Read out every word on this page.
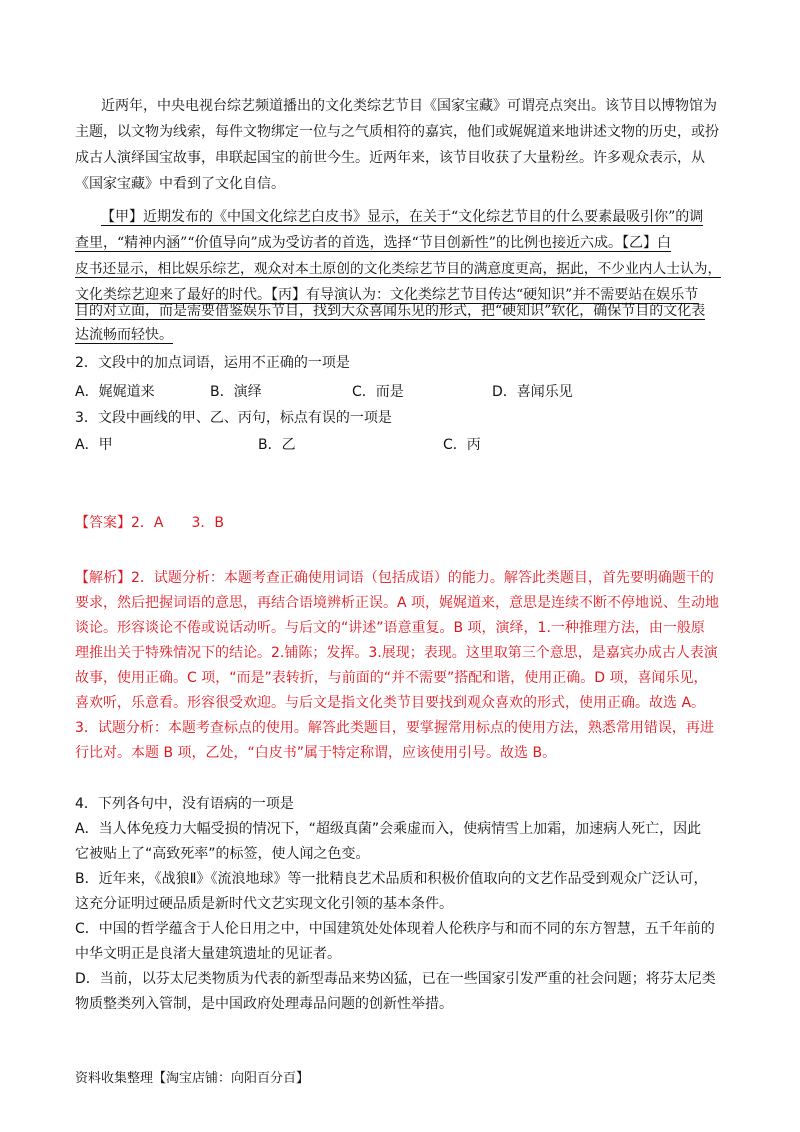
近两年，中央电视台综艺频道播出的文化类综艺节目《国家宝藏》可谓亮点突出。该节目以博物馆为
主题，以文物为线索，每件文物绑定一位与之气质相符的嘉宾，他们或娓娓道来地讲述文物的历史，或扮
成古人演绎国宝故事，串联起国宝的前世今生。近两年来，该节目收获了大量粉丝。许多观众表示，从
《国家宝藏》中看到了文化自信。
【甲】近期发布的《中国文化综艺白皮书》显示，在关于“文化综艺节目的什么要素最吸引你”的调
查里，“精神内涵”“价值导向”成为受访者的首选，选择“节目创新性”的比例也接近六成。【乙】白
皮书还显示，相比娱乐综艺，观众对本土原创的文化类综艺节目的满意度更高，据此，不少业内人士认为，
文化类综艺迎来了最好的时代。【丙】有导演认为：文化类综艺节目传达“硬知识”并不需要站在娱乐节
目的对立面，而是需要借鉴娱乐节目，找到大众喜闻乐见的形式，把“硬知识”软化，确保节目的文化表
达流畅而轻快。
2．文段中的加点词语，运用不正确的一项是
A．娓娓道来	B．演绎	C．而是	D．喜闻乐见
3．文段中画线的甲、乙、丙句，标点有误的一项是
A．甲	B．乙	C．丙
【答案】2．A　　3．B
【解析】2．试题分析：本题考查正确使用词语（包括成语）的能力。解答此类题目，首先要明确题干的
要求，然后把握词语的意思，再结合语境辨析正误。A 项，娓娓道来，意思是连续不断不停地说、生动地
谈论。形容谈论不倦或说话动听。与后文的“讲述”语意重复。B 项，演绎，1.一种推理方法，由一般原
理推出关于特殊情况下的结论。2.铺陈；发挥。3.展现；表现。这里取第三个意思，是嘉宾办成古人表演
故事，使用正确。C 项，“而是”表转折，与前面的“并不需要”搭配和谐，使用正确。D 项，喜闻乐见，
喜欢听，乐意看。形容很受欢迎。与后文是指文化类节目要找到观众喜欢的形式，使用正确。故选 A。
3．试题分析：本题考查标点的使用。解答此类题目，要掌握常用标点的使用方法，熟悉常用错误，再进
行比对。本题 B 项，乙处，“白皮书”属于特定称谓，应该使用引号。故选 B。
4．下列各句中，没有语病的一项是
A．当人体免疫力大幅受损的情况下，“超级真菌”会乘虚而入，使病情雪上加霜，加速病人死亡，因此
它被贴上了“高致死率”的标签，使人闻之色变。
B．近年来，《战狼Ⅱ》《流浪地球》等一批精良艺术品质和积极价值取向的文艺作品受到观众广泛认可，
这充分证明过硬品质是新时代文艺实现文化引领的基本条件。
C．中国的哲学蕴含于人伦日用之中，中国建筑处处体现着人伦秩序与和而不同的东方智慧，五千年前的
中华文明正是良渚大量建筑遗址的见证者。
D．当前，以芬太尼类物质为代表的新型毒品来势凶猛，已在一些国家引发严重的社会问题；将芬太尼类
物质整类列入管制，是中国政府处理毒品问题的创新性举措。
资料收集整理【淘宝店铺：向阳百分百】
